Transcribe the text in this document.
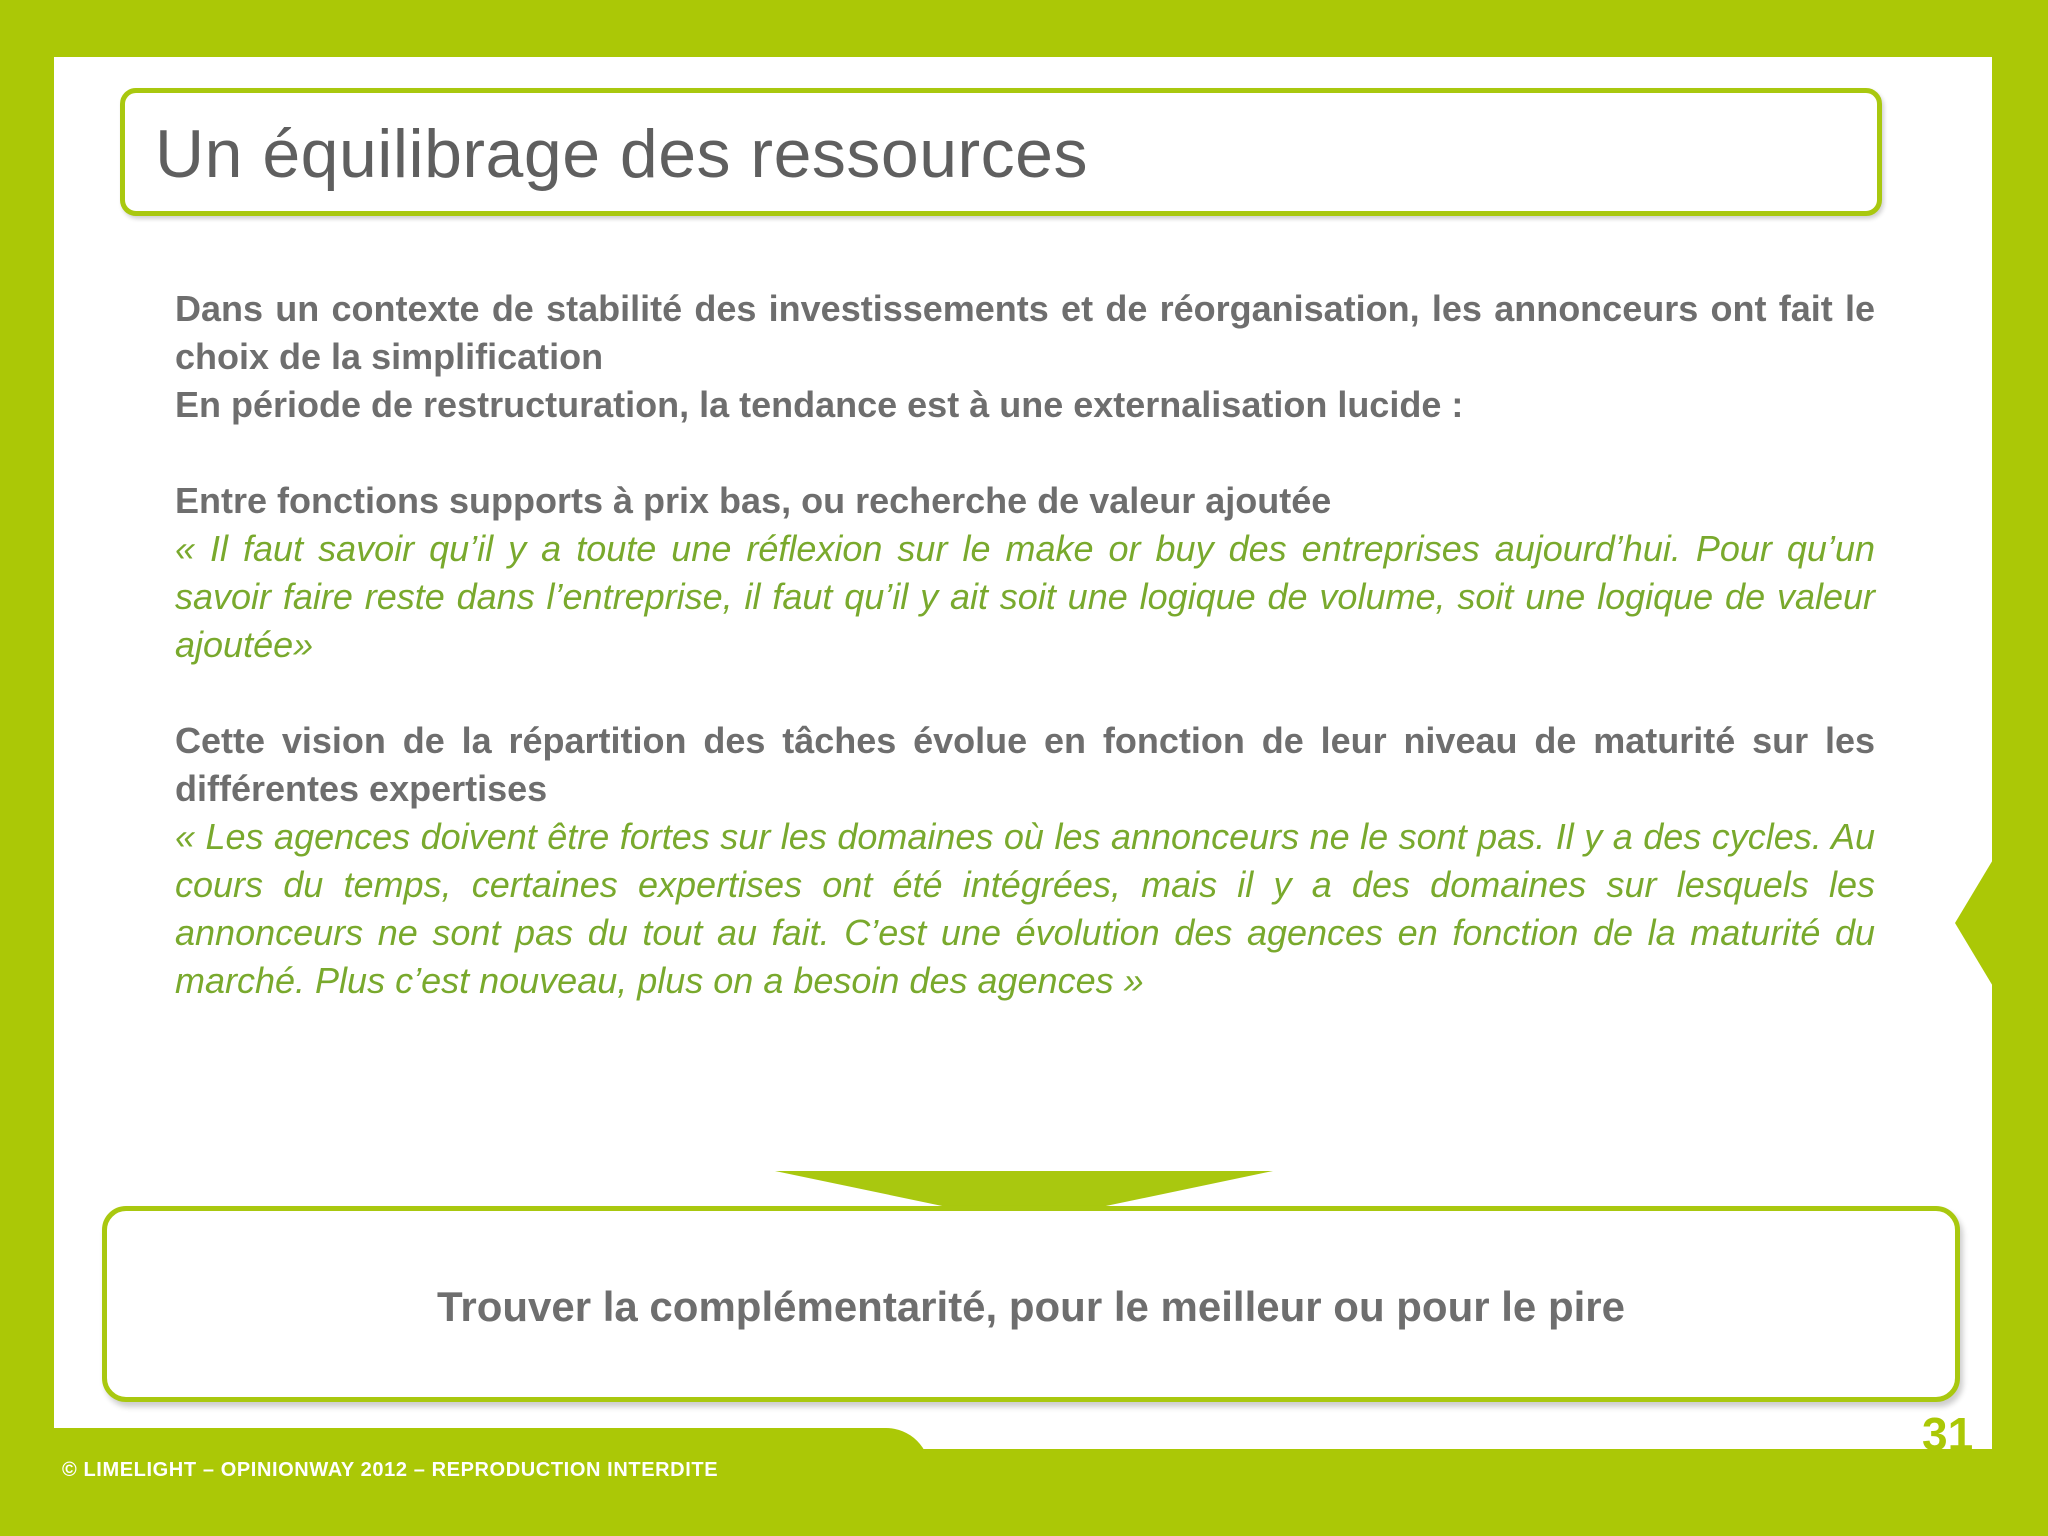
Un équilibrage des ressources

Dans un contexte de stabilité des investissements et de réorganisation, les annonceurs ont fait le choix de la simplification

En période de restructuration, la tendance est à une externalisation lucide :

Entre fonctions supports à prix bas, ou recherche de valeur ajoutée

« Il faut savoir qu’il y a toute une réflexion sur le make or buy des entreprises aujourd’hui. Pour qu’un savoir faire reste dans l’entreprise, il faut qu’il y ait soit une logique de volume, soit une logique de valeur ajoutée»

Cette vision de la répartition des tâches évolue en fonction de leur niveau de maturité sur les différentes expertises

« Les agences doivent être fortes sur les domaines où les annonceurs ne le sont pas. Il y a des cycles. Au cours du temps, certaines expertises ont été intégrées, mais il y a des domaines sur lesquels les annonceurs ne sont pas du tout au fait. C’est une évolution des agences en fonction de la maturité du marché. Plus c’est nouveau, plus on a besoin des agences »

Trouver la complémentarité, pour le meilleur ou pour le pire
© LIMELIGHT – OPINIONWAY 2012 – REPRODUCTION INTERDITE
31
